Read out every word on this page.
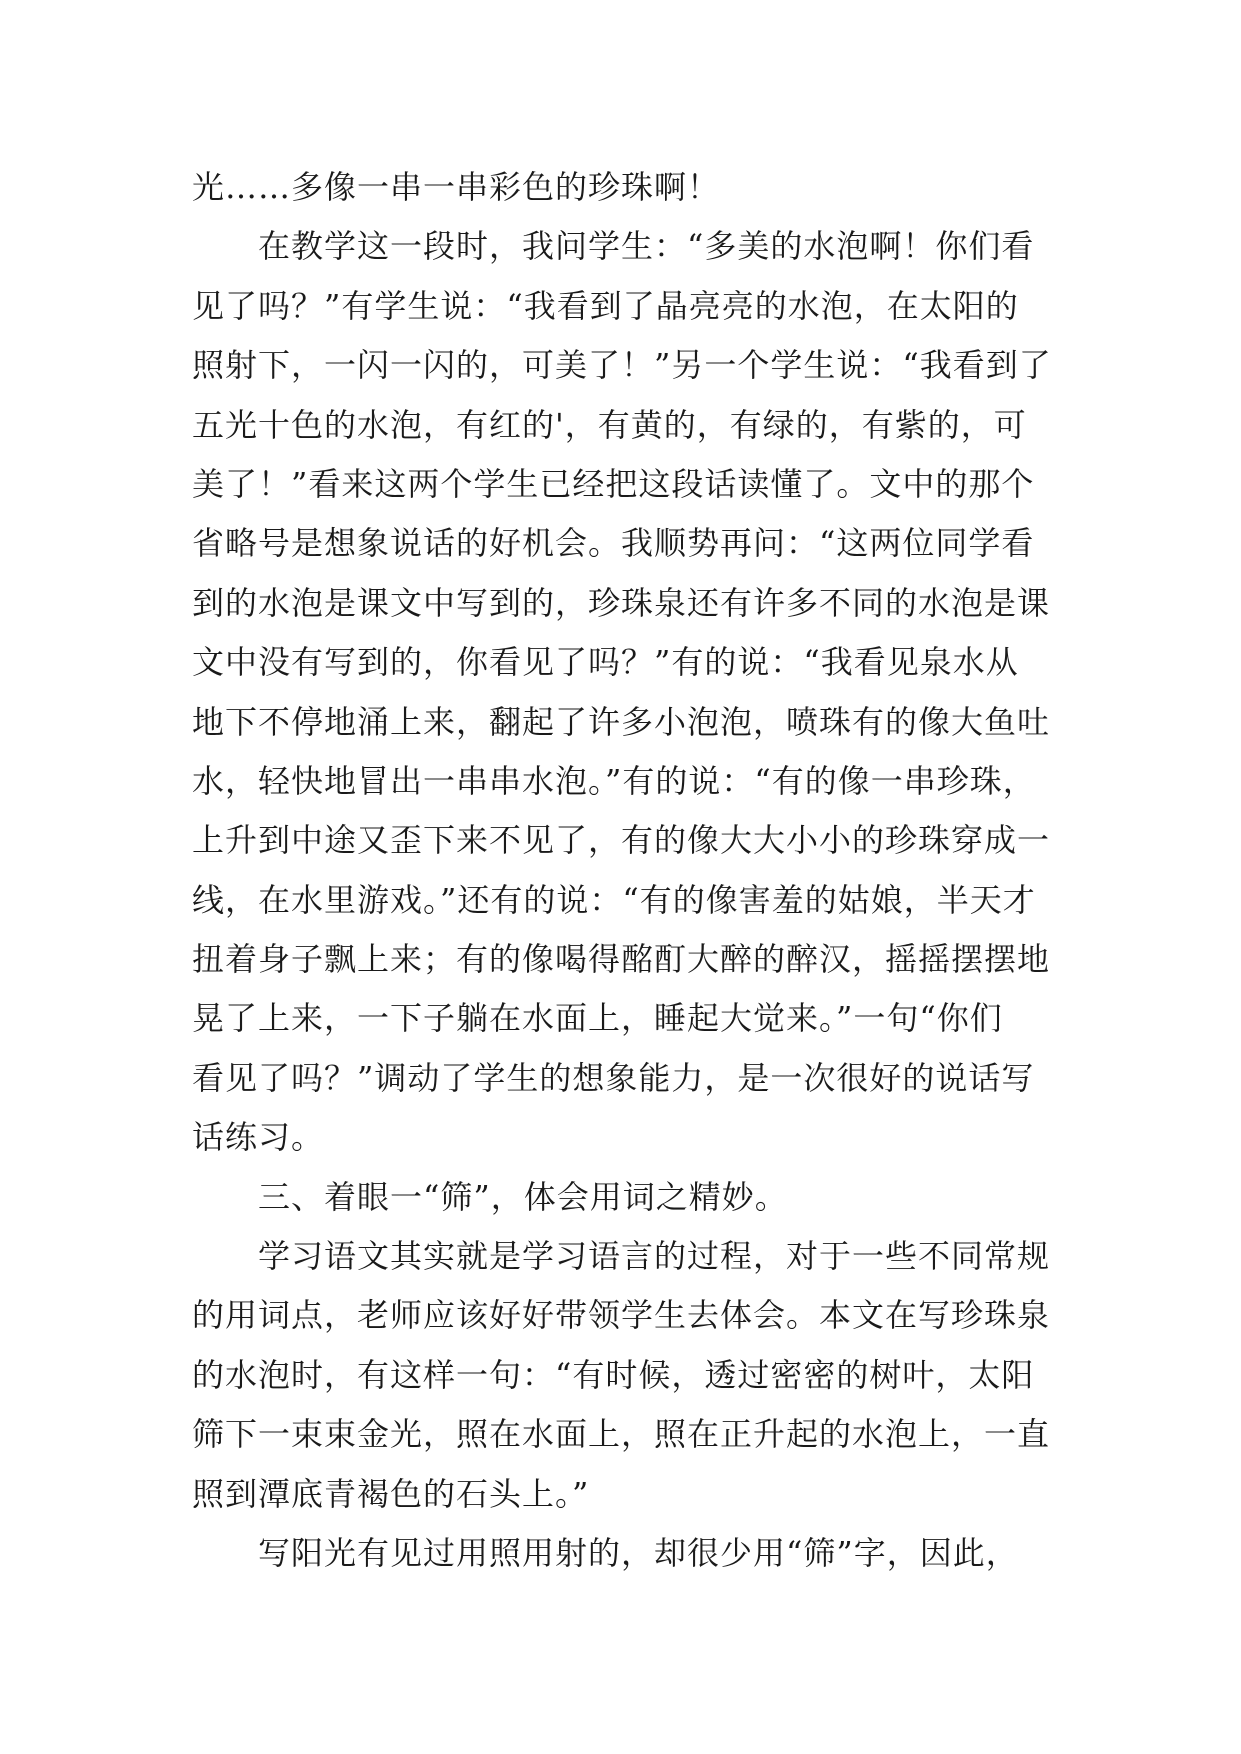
光……多像一串一串彩色的珍珠啊！
在教学这一段时，我问学生：“多美的水泡啊！你们看
见了吗？”有学生说：“我看到了晶亮亮的水泡，在太阳的
照射下，一闪一闪的，可美了！”另一个学生说：“我看到了
五光十色的水泡，有红的'，有黄的，有绿的，有紫的，可
美了！”看来这两个学生已经把这段话读懂了。文中的那个
省略号是想象说话的好机会。我顺势再问：“这两位同学看
到的水泡是课文中写到的，珍珠泉还有许多不同的水泡是课
文中没有写到的，你看见了吗？”有的说：“我看见泉水从
地下不停地涌上来，翻起了许多小泡泡，喷珠有的像大鱼吐
水，轻快地冒出一串串水泡。”有的说：“有的像一串珍珠，
上升到中途又歪下来不见了，有的像大大小小的珍珠穿成一
线，在水里游戏。”还有的说：“有的像害羞的姑娘，半天才
扭着身子飘上来；有的像喝得酩酊大醉的醉汉，摇摇摆摆地
晃了上来，一下子躺在水面上，睡起大觉来。”一句“你们
看见了吗？”调动了学生的想象能力，是一次很好的说话写
话练习。
三、着眼一“筛”，体会用词之精妙。
学习语文其实就是学习语言的过程，对于一些不同常规
的用词点，老师应该好好带领学生去体会。本文在写珍珠泉
的水泡时，有这样一句：“有时候，透过密密的树叶，太阳
筛下一束束金光，照在水面上，照在正升起的水泡上，一直
照到潭底青褐色的石头上。”
写阳光有见过用照用射的，却很少用“筛”字，因此，
